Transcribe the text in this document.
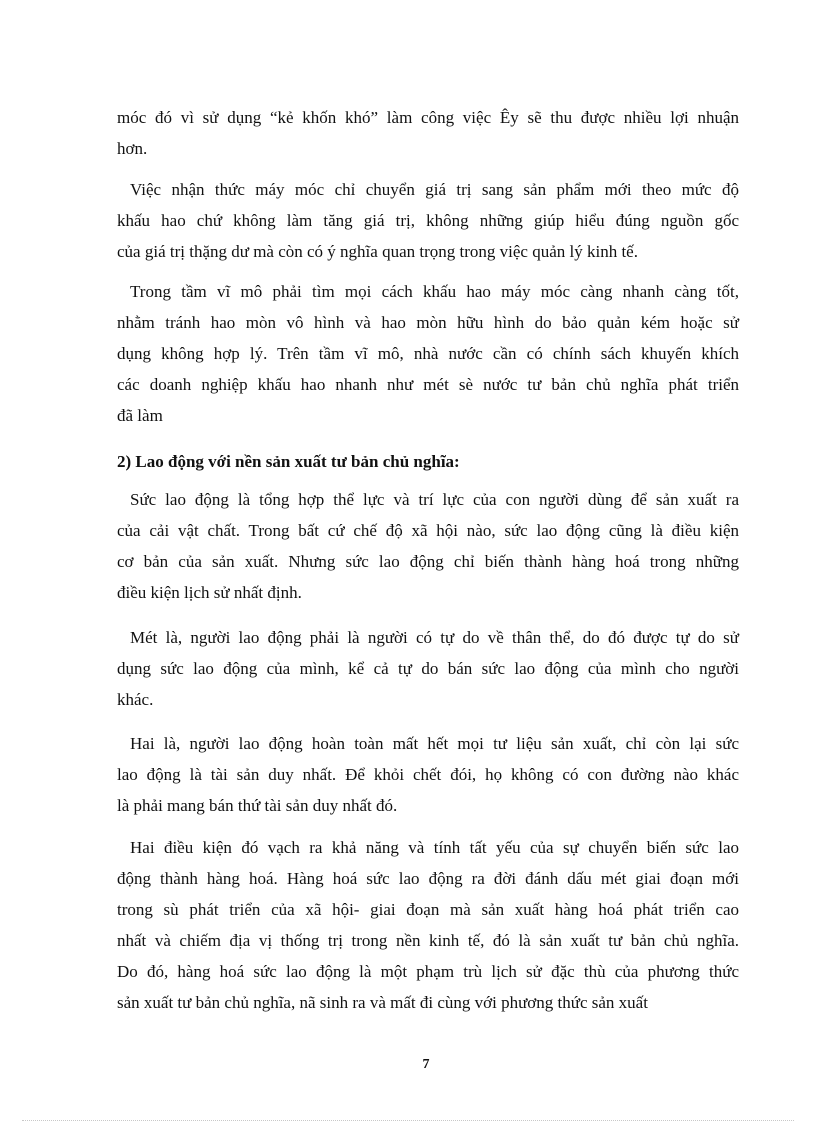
móc đó vì sử dụng “kẻ khốn khó” làm công việc Êy sẽ thu được nhiều lợi nhuận
hơn.
Việc nhận thức máy móc chỉ chuyển giá trị sang sản phẩm mới theo mức độ
khấu hao chứ không làm tăng giá trị, không những giúp hiểu đúng nguồn gốc
của giá trị thặng dư mà còn có ý nghĩa quan trọng trong việc quản lý kinh tế.
Trong tầm vĩ mô phải tìm mọi cách khấu hao máy móc càng nhanh càng tốt,
nhằm tránh hao mòn vô hình và hao mòn hữu hình do bảo quản kém hoặc sử
dụng không hợp lý. Trên tầm vĩ mô, nhà nước cần có chính sách khuyến khích
các doanh nghiệp khấu hao nhanh như mét sè nước tư bản chủ nghĩa phát triển
đã làm
2) Lao động với nền sản xuất tư bản chủ nghĩa:
Sức lao động là tổng hợp thể lực và trí lực của con người dùng để sản xuất ra
của cải vật chất. Trong bất cứ chế độ xã hội nào, sức lao động cũng là điều kiện
cơ bản của sản xuất. Nhưng sức lao động chỉ biến thành hàng hoá trong những
điều kiện lịch sử nhất định.
Mét là, người lao động phải là người có tự do về thân thể, do đó được tự do sử
dụng sức lao động của mình, kể cả tự do bán sức lao động của mình cho người
khác.
Hai là, người lao động hoàn toàn mất hết mọi tư liệu sản xuất, chỉ còn lại sức
lao động là tài sản duy nhất. Để khỏi chết đói, họ không có con đường nào khác
là phải mang bán thứ tài sản duy nhất đó.
Hai điều kiện đó vạch ra khả năng và tính tất yếu của sự chuyển biến sức lao
động thành hàng hoá. Hàng hoá sức lao động ra đời đánh dấu mét giai đoạn mới
trong sù phát triển của xã hội- giai đoạn mà sản xuất hàng hoá phát triển cao
nhất và chiếm địa vị thống trị trong nền kinh tế, đó là sản xuất tư bản chủ nghĩa.
Do đó, hàng hoá sức lao động là một phạm trù lịch sử đặc thù của phương thức
sản xuất tư bản chủ nghĩa, nã sinh ra và mất đi cùng với phương thức sản xuất
7
